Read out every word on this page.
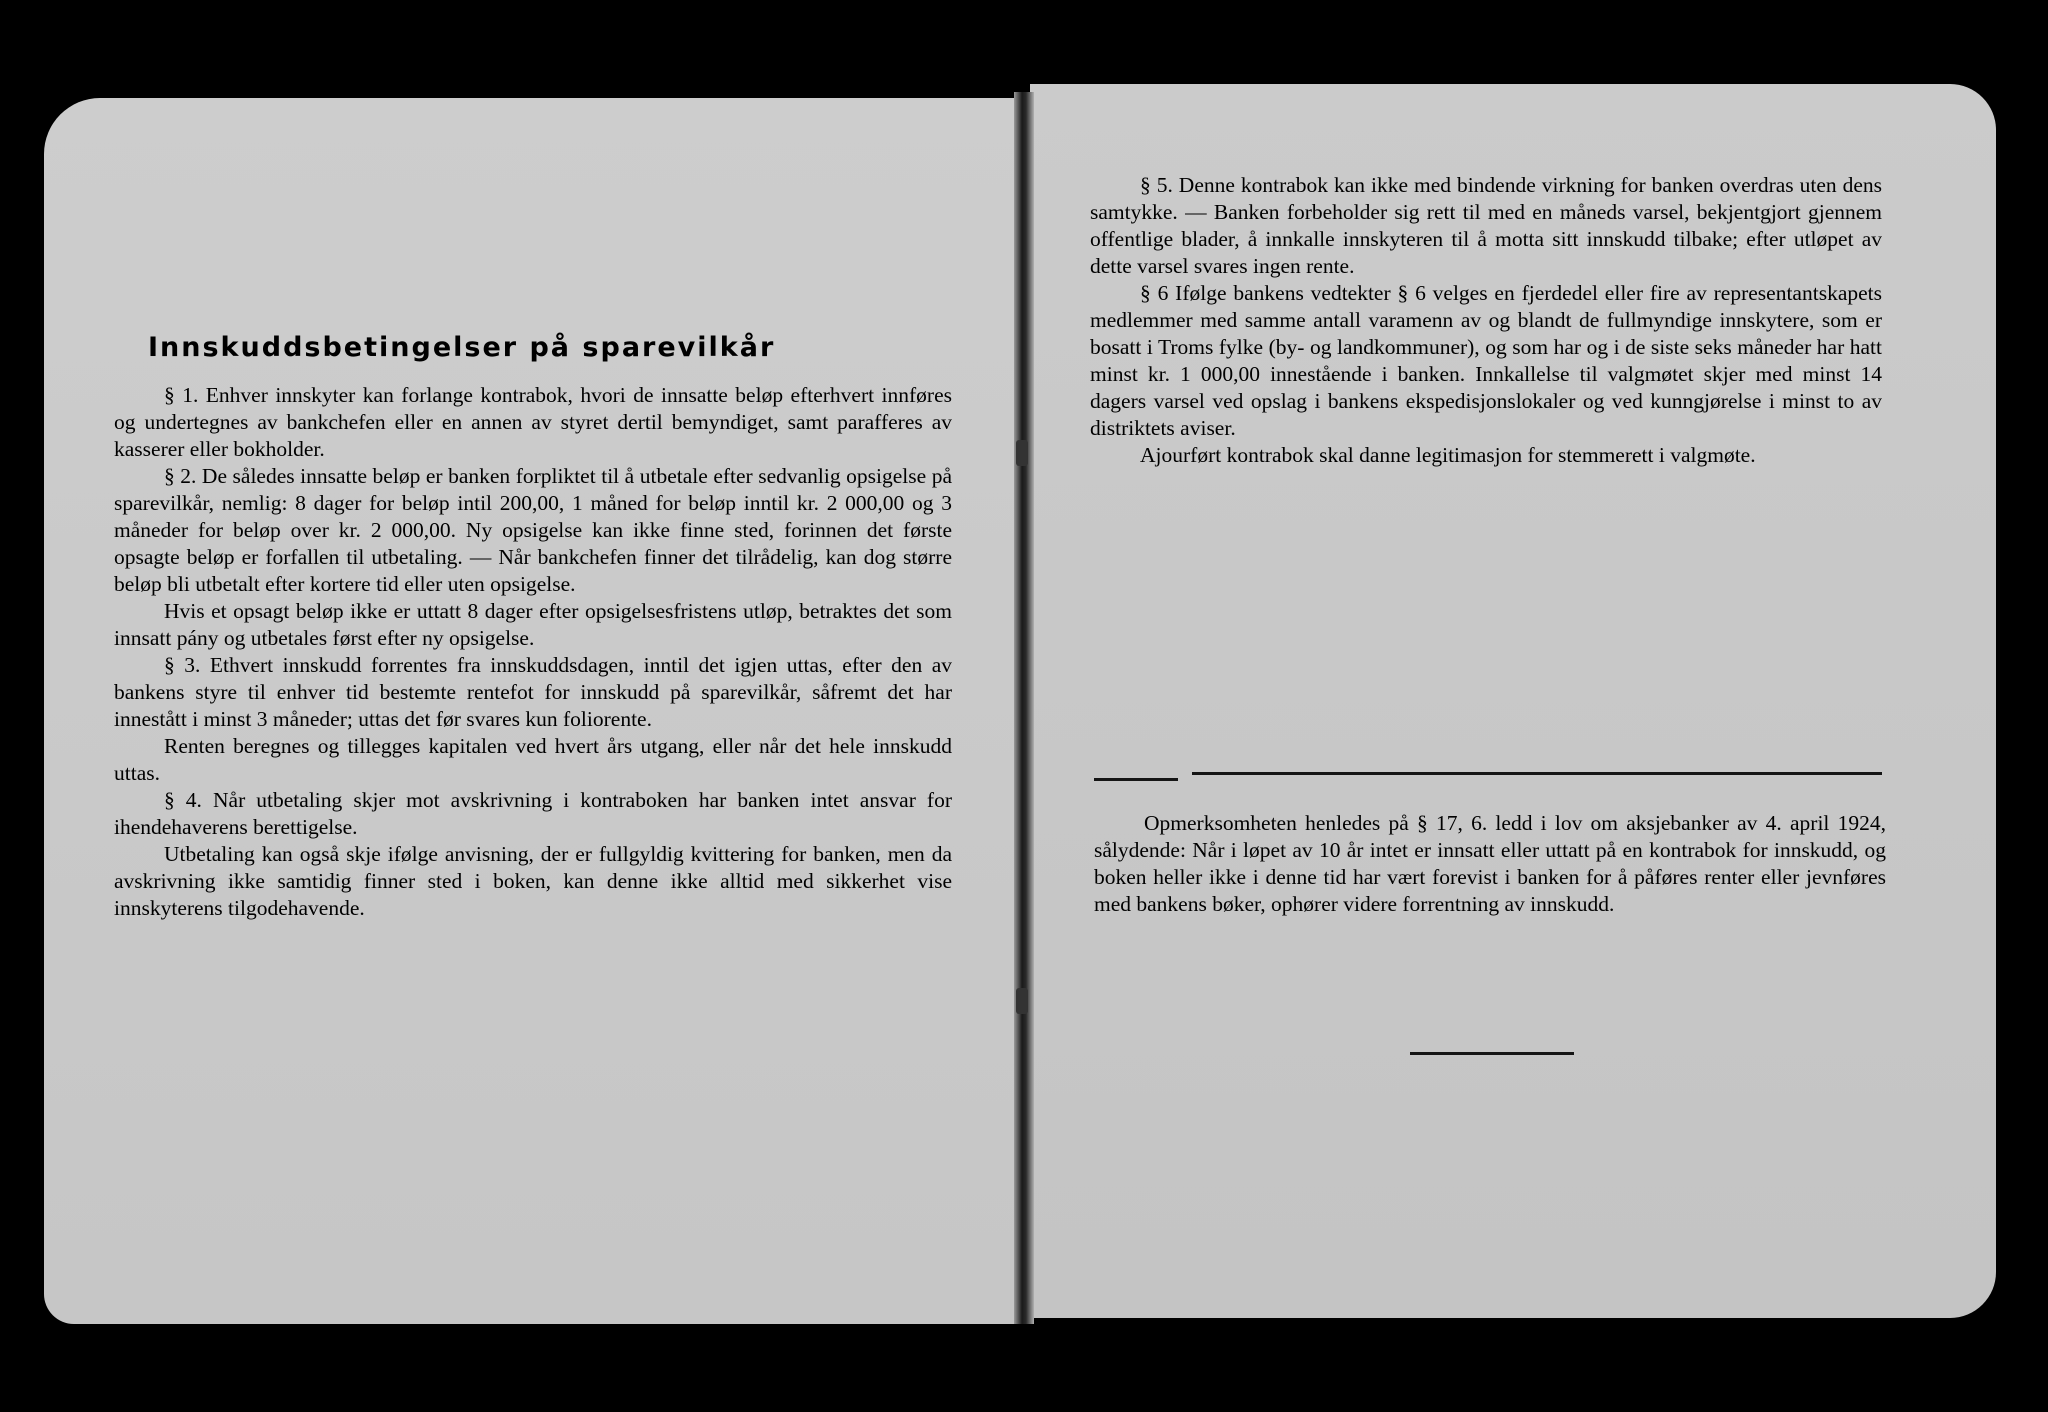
Innskuddsbetingelser på sparevilkår

§ 1. Enhver innskyter kan forlange kontrabok, hvori de innsatte beløp efterhvert innføres og undertegnes av bankchefen eller en annen av styret dertil bemyndiget, samt parafferes av kasserer eller bokholder.

§ 2. De således innsatte beløp er banken forpliktet til å utbetale efter sedvanlig opsigelse på sparevilkår, nemlig: 8 dager for beløp intil 200,00, 1 måned for beløp inntil kr. 2 000,00 og 3 måneder for beløp over kr. 2 000,00. Ny opsigelse kan ikke finne sted, forinnen det første opsagte beløp er forfallen til utbetaling. — Når bankchefen finner det tilrådelig, kan dog større beløp bli utbetalt efter kortere tid eller uten opsigelse.

Hvis et opsagt beløp ikke er uttatt 8 dager efter opsigelsesfristens utløp, betraktes det som innsatt pány og utbetales først efter ny opsigelse.

§ 3. Ethvert innskudd forrentes fra innskuddsdagen, inntil det igjen uttas, efter den av bankens styre til enhver tid bestemte rentefot for innskudd på sparevilkår, såfremt det har innestått i minst 3 måneder; uttas det før svares kun foliorente.

Renten beregnes og tillegges kapitalen ved hvert års utgang, eller når det hele innskudd uttas.

§ 4. Når utbetaling skjer mot avskrivning i kontraboken har banken intet ansvar for ihendehaverens berettigelse.

Utbetaling kan også skje ifølge anvisning, der er fullgyldig kvittering for banken, men da avskrivning ikke samtidig finner sted i boken, kan denne ikke alltid med sikkerhet vise innskyterens tilgodehavende.

§ 5. Denne kontrabok kan ikke med bindende virkning for banken overdras uten dens samtykke. — Banken forbeholder sig rett til med en måneds varsel, bekjentgjort gjennem offentlige blader, å innkalle innskyteren til å motta sitt innskudd tilbake; efter utløpet av dette varsel svares ingen rente.

§ 6 Ifølge bankens vedtekter § 6 velges en fjerdedel eller fire av representantskapets medlemmer med samme antall varamenn av og blandt de fullmyndige innskytere, som er bosatt i Troms fylke (by- og landkommuner), og som har og i de siste seks måneder har hatt minst kr. 1 000,00 innestående i banken. Innkallelse til valgmøtet skjer med minst 14 dagers varsel ved opslag i bankens ekspedisjonslokaler og ved kunngjørelse i minst to av distriktets aviser.

Ajourført kontrabok skal danne legitimasjon for stemmerett i valgmøte.

Opmerksomheten henledes på § 17, 6. ledd i lov om aksjebanker av 4. april 1924, sålydende: Når i løpet av 10 år intet er innsatt eller uttatt på en kontrabok for innskudd, og boken heller ikke i denne tid har vært forevist i banken for å påføres renter eller jevnføres med bankens bøker, ophører videre forrentning av innskudd.
